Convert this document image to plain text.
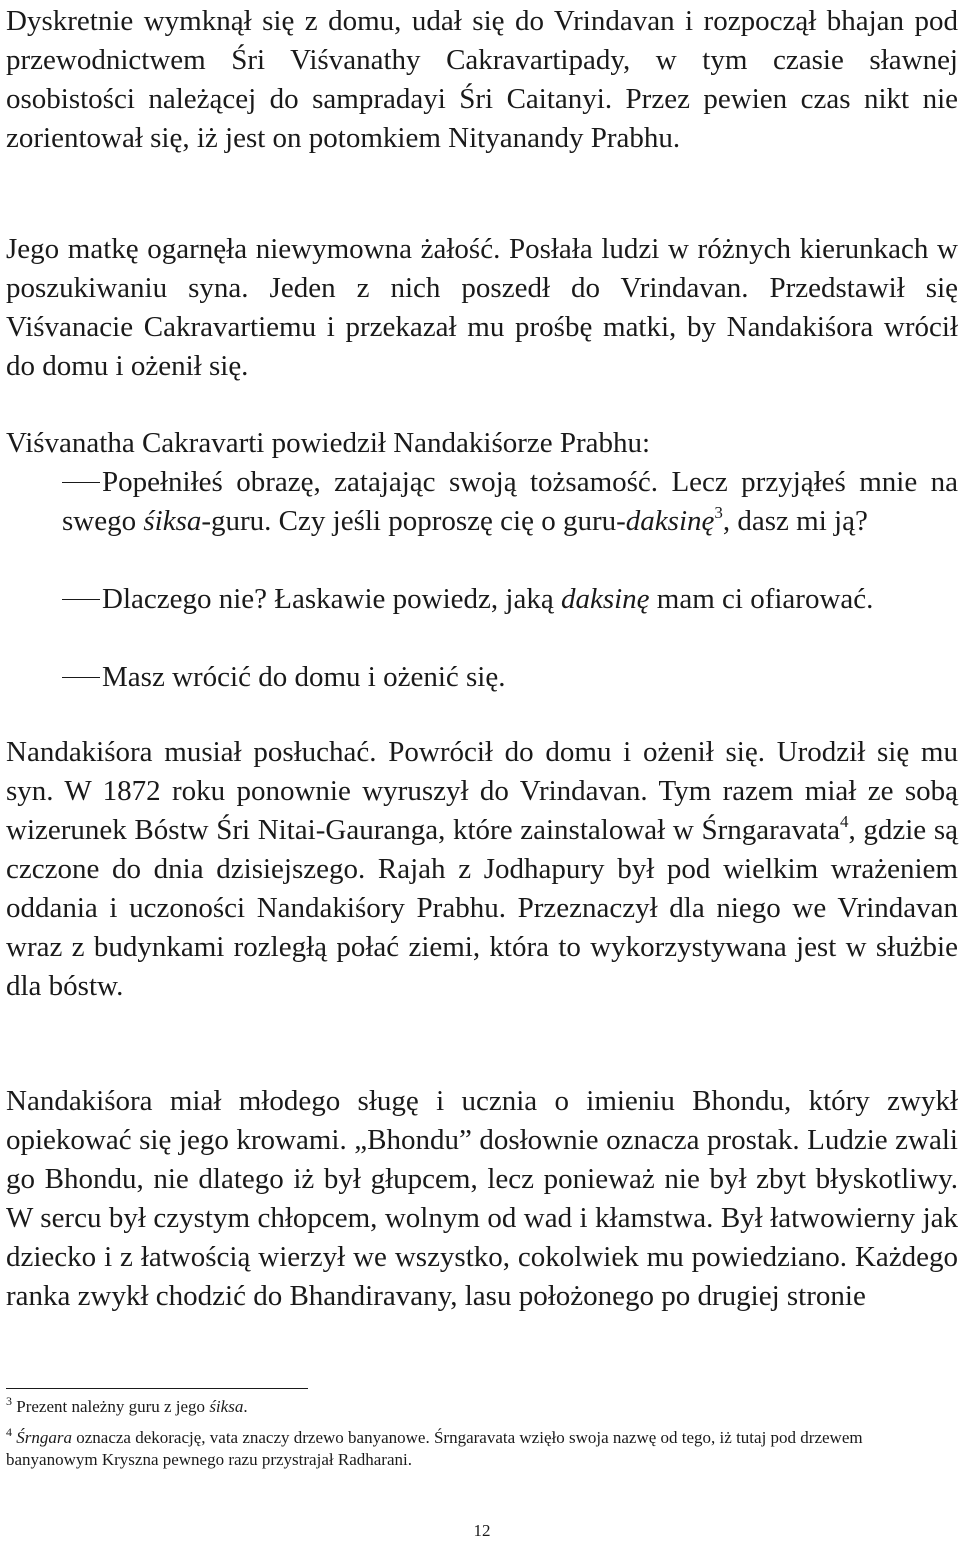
Dyskretnie wymknął się z domu, udał się do Vrindavan i rozpoczął bhajan pod przewodnictwem Śri Viśvanathy Cakravartipady, w tym czasie sławnej osobistości należącej do sampradayi Śri Caitanyi. Przez pewien czas nikt nie zorientował się, iż jest on potomkiem Nityanandy Prabhu.

Jego matkę ogarnęła niewymowna żałość. Posłała ludzi w różnych kierunkach w poszukiwaniu syna. Jeden z nich poszedł do Vrindavan. Przedstawił się Viśvanacie Cakravartiemu i przekazał mu prośbę matki, by Nandakiśora wrócił do domu i ożenił się.

Viśvanatha Cakravarti powiedził Nandakiśorze Prabhu:

Popełniłeś obrazę, zatajając swoją tożsamość. Lecz przyjąłeś mnie na swego śiksa-guru. Czy jeśli poproszę cię o guru-daksinę$^3$, dasz mi ją?
Dlaczego nie? Łaskawie powiedz, jaką daksinę mam ci ofiarować.
Masz wrócić do domu i ożenić się.

Nandakiśora musiał posłuchać. Powrócił do domu i ożenił się. Urodził się mu syn. W 1872 roku ponownie wyruszył do Vrindavan. Tym razem miał ze sobą wizerunek Bóstw Śri Nitai-Gauranga, które zainstalował w Śrngaravata$^4$, gdzie są czczone do dnia dzisiejszego. Rajah z Jodhapury był pod wielkim wrażeniem oddania i uczoności Nandakiśory Prabhu. Przeznaczył dla niego we Vrindavan wraz z budynkami rozległą połać ziemi, która to wykorzystywana jest w służbie dla bóstw.

Nandakiśora miał młodego sługę i ucznia o imieniu Bhondu, który zwykł opiekować się jego krowami. „Bhondu” dosłownie oznacza prostak. Ludzie zwali go Bhondu, nie dlatego iż był głupcem, lecz ponieważ nie był zbyt błyskotliwy. W sercu był czystym chłopcem, wolnym od wad i kłamstwa. Był łatwowierny jak dziecko i z łatwością wierzył we wszystko, cokolwiek mu powiedziano. Każdego ranka zwykł chodzić do Bhandiravany, lasu położonego po drugiej stronie

$^3$ Prezent należny guru z jego śiksa.

$^4$ Śrngara oznacza dekorację, vata znaczy drzewo banyanowe. Śrngaravata wzięło swoja nazwę od tego, iż tutaj pod drzewem banyanowym Kryszna pewnego razu przystrajał Radharani.

12
